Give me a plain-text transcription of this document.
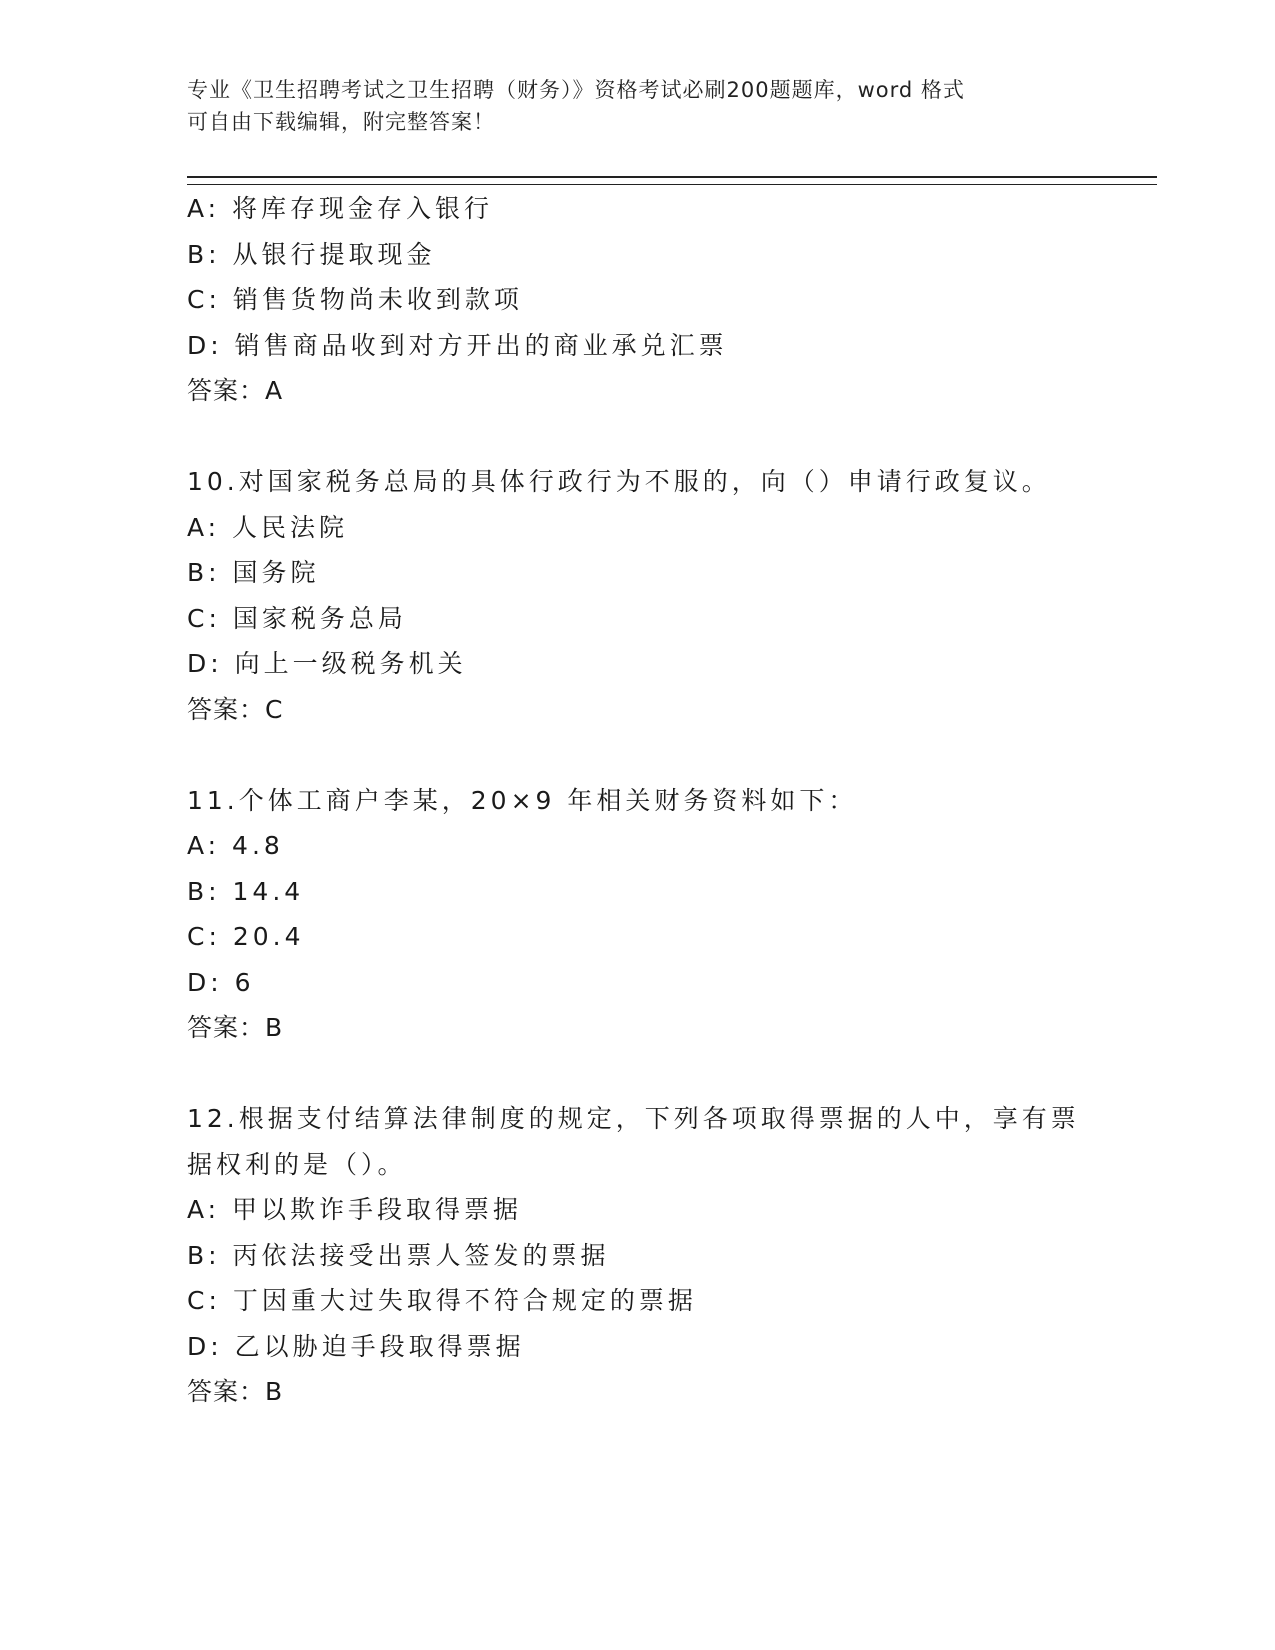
专业《卫生招聘考试之卫生招聘（财务）》资格考试必刷200题题库，word 格式
可自由下载编辑，附完整答案！
A: 将库存现金存入银行
B: 从银行提取现金
C: 销售货物尚未收到款项
D: 销售商品收到对方开出的商业承兑汇票
答案：A
10.对国家税务总局的具体行政行为不服的，向（）申请行政复议。
A: 人民法院
B: 国务院
C: 国家税务总局
D: 向上一级税务机关
答案：C
11.个体工商户李某，20×9 年相关财务资料如下：
A: 4.8
B: 14.4
C: 20.4
D: 6
答案：B
12.根据支付结算法律制度的规定，下列各项取得票据的人中，享有票
据权利的是（）。
A: 甲以欺诈手段取得票据
B: 丙依法接受出票人签发的票据
C: 丁因重大过失取得不符合规定的票据
D: 乙以胁迫手段取得票据
答案：B
